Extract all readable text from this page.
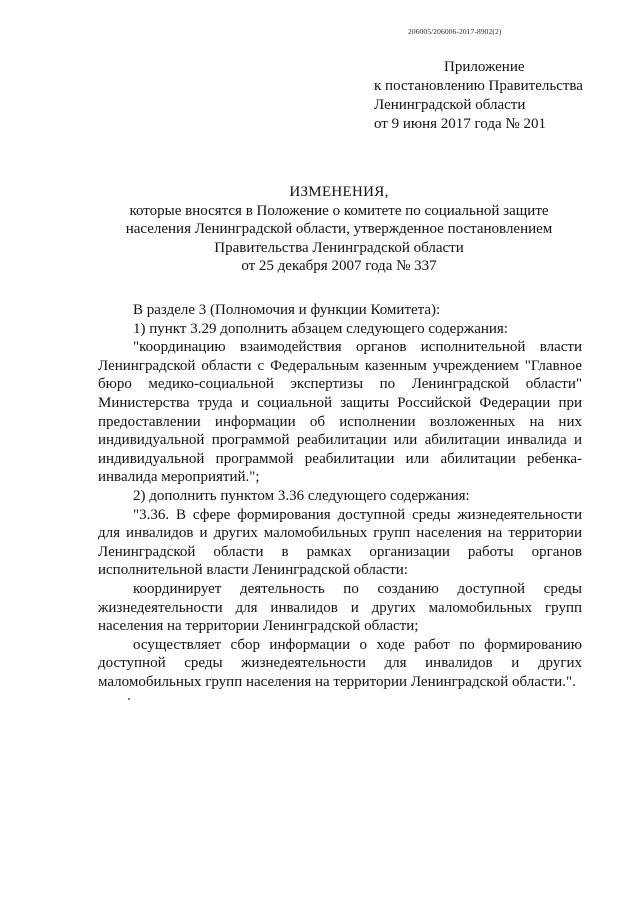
206005/206006-2017-8902(2)
Приложение
к постановлению Правительства
Ленинградской области
от 9 июня 2017 года № 201
ИЗМЕНЕНИЯ,
которые вносятся в Положение о комитете по социальной защите
населения Ленинградской области, утвержденное постановлением
Правительства Ленинградской области
от 25 декабря 2007 года № 337

В разделе 3 (Полномочия и функции Комитета):

1) пункт 3.29 дополнить абзацем следующего содержания:

"координацию взаимодействия органов исполнительной власти Ленинградской области с Федеральным казенным учреждением "Главное бюро медико-социальной экспертизы по Ленинградской области" Министерства труда и социальной защиты Российской Федерации при предоставлении информации об исполнении возложенных на них индивидуальной программой реабилитации или абилитации инвалида и индивидуальной программой реабилитации или абилитации ребенка-инвалида мероприятий.";

2) дополнить пунктом 3.36 следующего содержания:

"3.36. В сфере формирования доступной среды жизнедеятельности для инвалидов и других маломобильных групп населения на территории Ленинградской области в рамках организации работы органов исполнительной власти Ленинградской области:

координирует деятельность по созданию доступной среды жизнедеятельности для инвалидов и других маломобильных групп населения на территории Ленинградской области;

осуществляет сбор информации о ходе работ по формированию доступной среды жизнедеятельности для инвалидов и других маломобильных групп населения на территории Ленинградской области.".
